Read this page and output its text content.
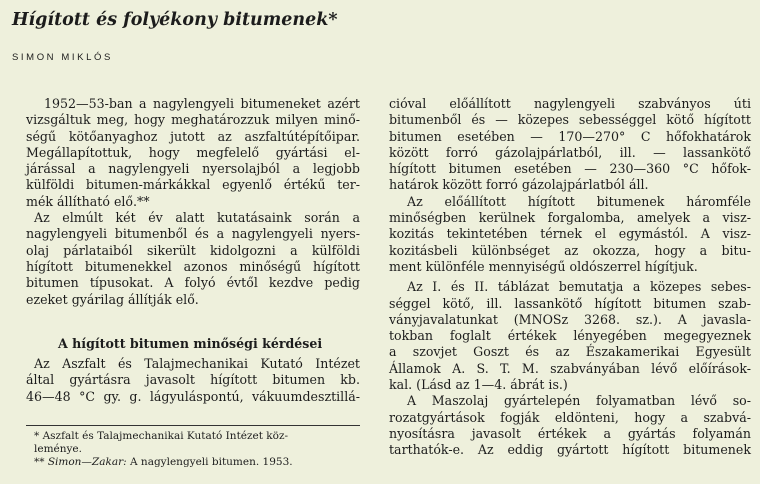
Hígított és folyékony bitumenek*
SIMON MIKLÓS

1952—53-ban a nagylengyeli bitumeneket azért
vizsgáltuk meg, hogy meghatározzuk milyen minő-
ségű kötőanyaghoz jutott az aszfaltútépítőipar.
Megállapítottuk, hogy megfelelő gyártási el-
járással a nagylengyeli nyersolajból a legjobb
külföldi bitumen-márkákkal egyenlő értékű ter-
mék állítható elő.**

Az elmúlt két év alatt kutatásaink során a
nagylengyeli bitumenből és a nagylengyeli nyers-
olaj párlataiból sikerült kidolgozni a külföldi
hígított bitumenekkel azonos minőségű hígított
bitumen típusokat. A folyó évtől kezdve pedig
ezeket gyárilag állítják elő.

A hígított bitumen minőségi kérdései

Az Aszfalt és Talajmechanikai Kutató Intézet
által gyártásra javasolt hígított bitumen kb.
46—48 °C gy. g. lágyuláspontú, vákuumdesztillá-

* Aszfalt és Talajmechanikai Kutató Intézet köz-
leménye.
** Simon—Zakar: A nagylengyeli bitumen. 1953.

cióval előállított nagylengyeli szabványos úti
bitumenből és — közepes sebességgel kötő hígított
bitumen esetében — 170—270° C hőfokhatárok
között forró gázolajpárlatból, ill. — lassankötő
hígított bitumen esetében — 230—360 °C hőfok-
határok között forró gázolajpárlatból áll.

Az előállított hígított bitumenek háromféle
minőségben kerülnek forgalomba, amelyek a visz-
kozitás tekintetében térnek el egymástól. A visz-
kozitásbeli különbséget az okozza, hogy a bitu-
ment különféle mennyiségű oldószerrel hígítjuk.

Az I. és II. táblázat bemutatja a közepes sebes-
séggel kötő, ill. lassankötő hígított bitumen szab-
ványjavalatunkat (MNOSz 3268. sz.). A javasla-
tokban foglalt értékek lényegében megegyeznek
a szovjet Goszt és az Északamerikai Egyesült
Államok A. S. T. M. szabványában lévő előírások-
kal. (Lásd az 1—4. ábrát is.)

A Maszolaj gyártelepén folyamatban lévő so-
rozatgyártások fogják eldönteni, hogy a szabvá-
nyosításra javasolt értékek a gyártás folyamán
tarthatók-e. Az eddig gyártott hígított bitumenek
